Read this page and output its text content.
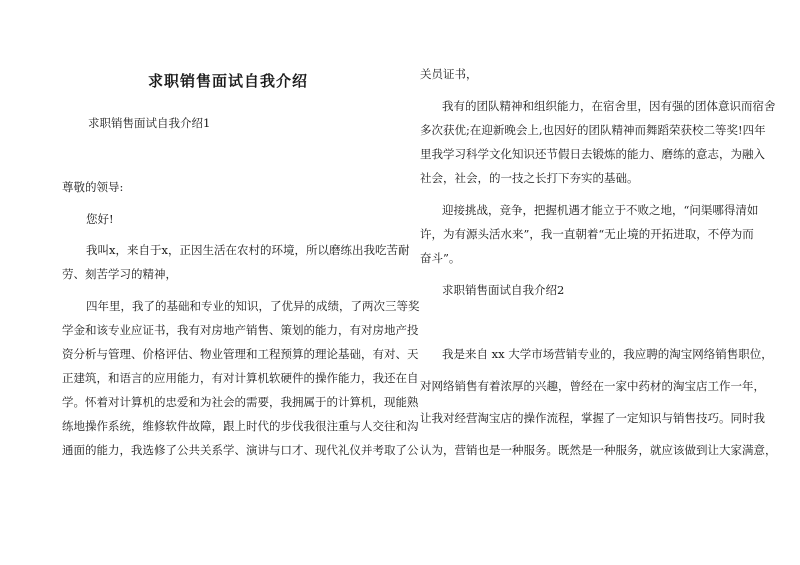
求职销售面试自我介绍
求职销售面试自我介绍1
尊敬的领导:
您好!
我叫x，来自于x，正因生活在农村的环境，所以磨练出我吃苦耐
劳、刻苦学习的精神，
四年里，我了的基础和专业的知识，了优异的成绩，了两次三等奖
学金和该专业应证书，我有对房地产销售、策划的能力，有对房地产投
资分析与管理、价格评估、物业管理和工程预算的理论基础，有对、天
正建筑，和语言的应用能力，有对计算机软硬件的操作能力，我还在自
学。怀着对计算机的忠爱和为社会的需要，我拥属于的计算机，现能熟
练地操作系统，维修软件故障，跟上时代的步伐我很注重与人交往和沟
通面的能力，我选修了公共关系学、演讲与口才、现代礼仪并考取了公
关员证书，
我有的团队精神和组织能力，在宿舍里，因有强的团体意识而宿舍
多次获优;在迎新晚会上,也因好的团队精神而舞蹈荣获校二等奖!四年
里我学习科学文化知识还节假日去锻炼的能力、磨练的意志，为融入
社会，社会，的一技之长打下夯实的基础。
迎接挑战，竞争，把握机遇才能立于不败之地，“问渠哪得清如
许，为有源头活水来”，我一直朝着“无止境的开拓进取，不停为而
奋斗”。
求职销售面试自我介绍2
我是来自 xx 大学市场营销专业的，我应聘的淘宝网络销售职位，
对网络销售有着浓厚的兴趣，曾经在一家中药材的淘宝店工作一年，
让我对经营淘宝店的操作流程，掌握了一定知识与销售技巧。同时我
认为，营销也是一种服务。既然是一种服务，就应该做到让大家满意，
